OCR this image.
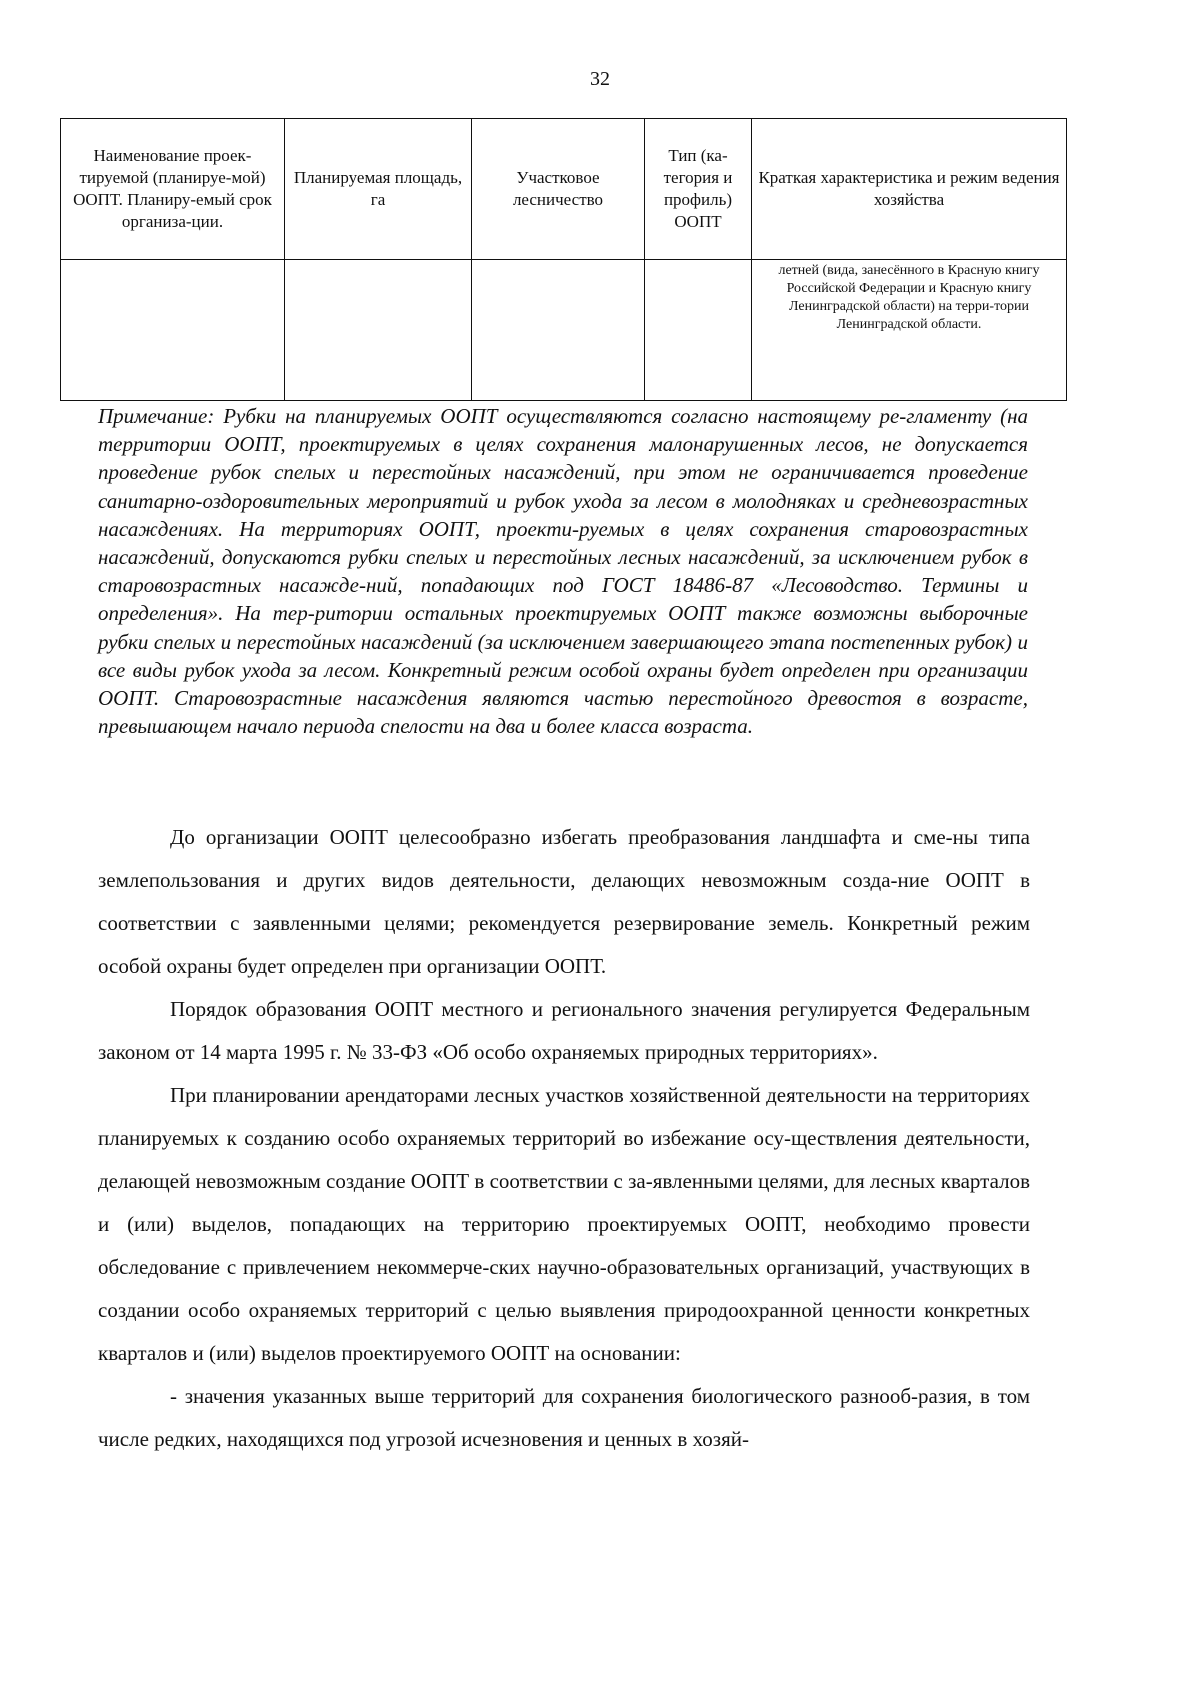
32
Наименование проек-тируемой (планируе-мой) ООПТ. Планиру-емый срок организа-ции.	Планируемая площадь, га	Участковое лесничество	Тип (ка-тегория и профиль) ООПТ	Краткая характеристика и режим ведения хозяйства
				летней (вида, занесённого в Красную книгу Российской Федерации и Красную книгу Ленинградской области) на терри-тории Ленинградской области.

Примечание: Рубки на планируемых ООПТ осуществляются согласно настоящему ре-гламенту (на территории ООПТ, проектируемых в целях сохранения малонарушенных лесов, не допускается проведение рубок спелых и перестойных насаждений, при этом не ограничивается проведение санитарно-оздоровительных мероприятий и рубок ухода за лесом в молодняках и средневозрастных насаждениях. На территориях ООПТ, проекти-руемых в целях сохранения старовозрастных насаждений, допускаются рубки спелых и перестойных лесных насаждений, за исключением рубок в старовозрастных насажде-ний, попадающих под ГОСТ 18486-87 «Лесоводство. Термины и определения». На тер-ритории остальных проектируемых ООПТ также возможны выборочные рубки спелых и перестойных насаждений (за исключением завершающего этапа постепенных рубок) и все виды рубок ухода за лесом. Конкретный режим особой охраны будет определен при организации ООПТ. Старовозрастные насаждения являются частью перестойного древостоя в возрасте, превышающем начало периода спелости на два и более класса возраста.

До организации ООПТ целесообразно избегать преобразования ландшафта и сме-ны типа землепользования и других видов деятельности, делающих невозможным созда-ние ООПТ в соответствии с заявленными целями; рекомендуется резервирование земель. Конкретный режим особой охраны будет определен при организации ООПТ.

Порядок образования ООПТ местного и регионального значения регулируется Федеральным законом от 14 марта 1995 г. № 33-ФЗ «Об особо охраняемых природных территориях».

При планировании арендаторами лесных участков хозяйственной деятельности на территориях планируемых к созданию особо охраняемых территорий во избежание осу-ществления деятельности, делающей невозможным создание ООПТ в соответствии с за-явленными целями, для лесных кварталов и (или) выделов, попадающих на территорию проектируемых ООПТ, необходимо провести обследование с привлечением некоммерче-ских научно-образовательных организаций, участвующих в создании особо охраняемых территорий с целью выявления природоохранной ценности конкретных кварталов и (или) выделов проектируемого ООПТ на основании:

- значения указанных выше территорий для сохранения биологического разнооб-разия, в том числе редких, находящихся под угрозой исчезновения и ценных в хозяй-
